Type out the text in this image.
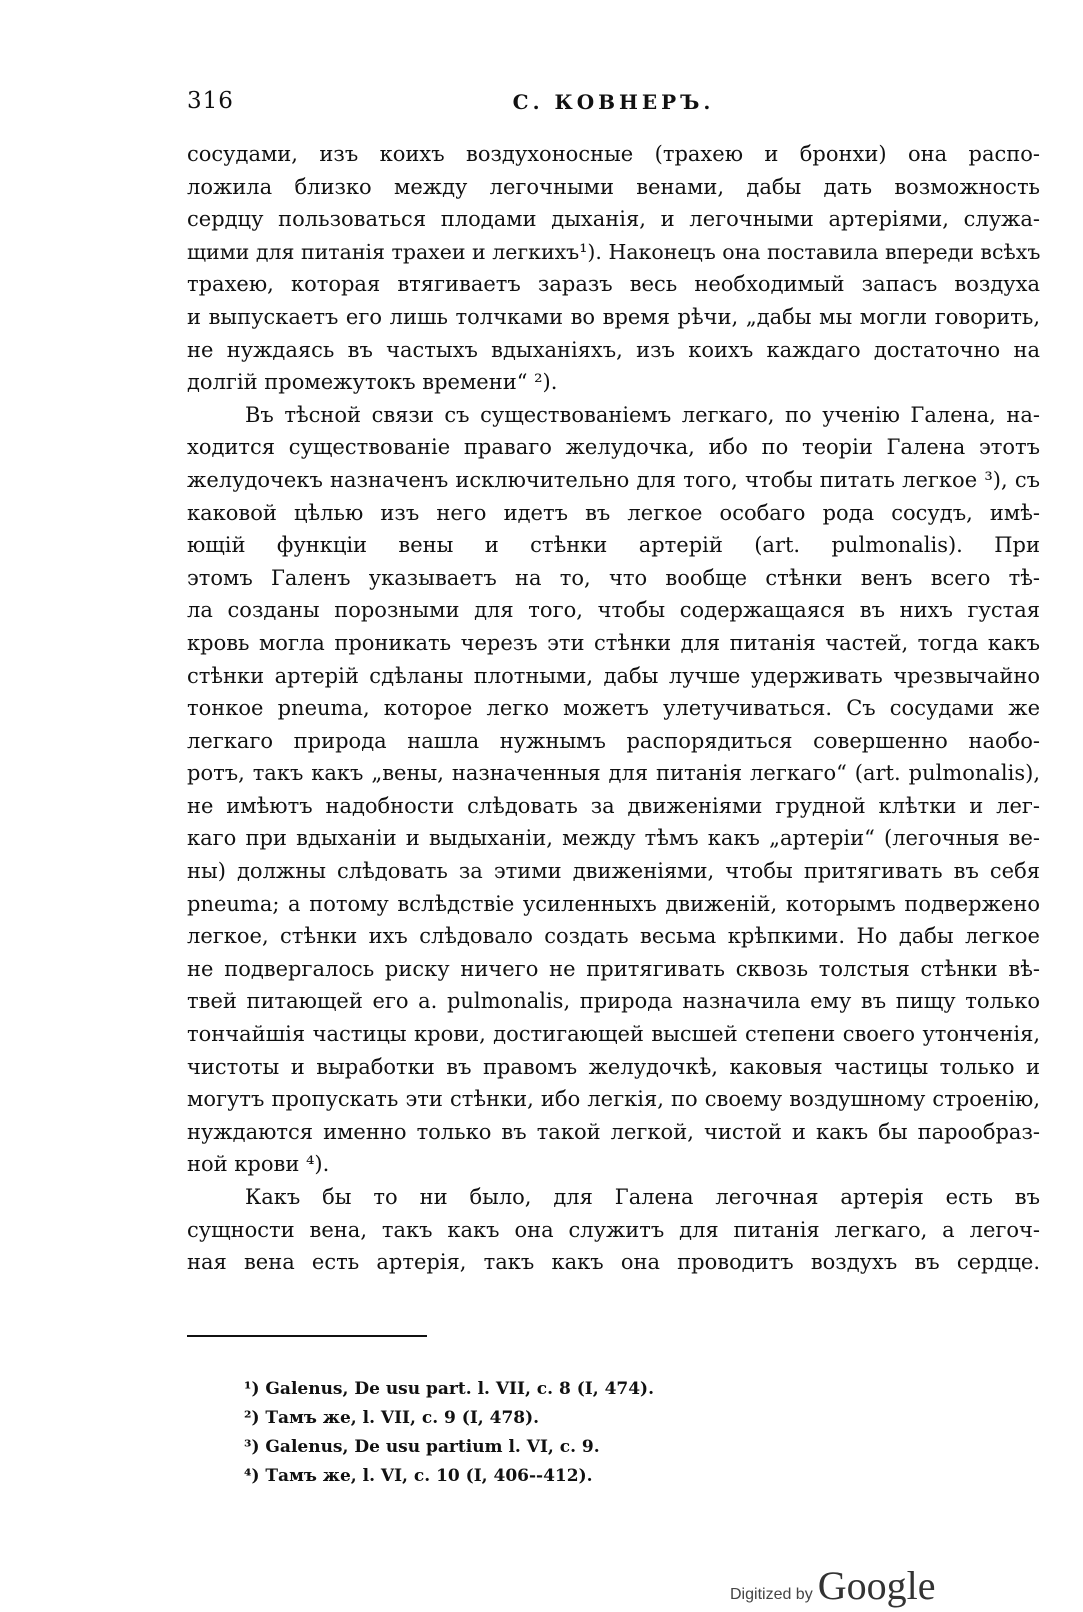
316	С. КОВНЕРЪ.
сосудами, изъ коихъ воздухоносные (трахею и бронхи) она распо-
ложила близко между легочными венами, дабы дать возможность
сердцу пользоваться плодами дыханія, и легочными артеріями, служа-
щими для питанія трахеи и легкихъ¹). Наконецъ она поставила впереди всѣхъ
трахею, которая втягиваетъ заразъ весь необходимый запасъ воздуха
и выпускаетъ его лишь толчками во время рѣчи, „дабы мы могли говорить,
не нуждаясь въ частыхъ вдыханіяхъ, изъ коихъ каждаго достаточно на
долгій промежутокъ времени“ ²).
Въ тѣсной связи съ существованіемъ легкаго, по ученію Галена, на-
ходится существованіе праваго желудочка, ибо по теоріи Галена этотъ
желудочекъ назначенъ исключительно для того, чтобы питать легкое ³), съ
каковой цѣлью изъ него идетъ въ легкое особаго рода сосудъ, имѣ-
ющій функціи вены и стѣнки артерій (art. pulmonalis). При
этомъ Галенъ указываетъ на то, что вообще стѣнки венъ всего тѣ-
ла созданы порозными для того, чтобы содержащаяся въ нихъ густая
кровь могла проникать черезъ эти стѣнки для питанія частей, тогда какъ
стѣнки артерій сдѣланы плотными, дабы лучше удерживать чрезвычайно
тонкое pneuma, которое легко можетъ улетучиваться. Съ сосудами же
легкаго природа нашла нужнымъ распорядиться совершенно наобо-
ротъ, такъ какъ „вены, назначенныя для питанія легкаго“ (art. pulmonalis),
не имѣютъ надобности слѣдовать за движеніями грудной клѣтки и лег-
каго при вдыханіи и выдыханіи, между тѣмъ какъ „артеріи“ (легочныя ве-
ны) должны слѣдовать за этими движеніями, чтобы притягивать въ себя
pneuma; а потому вслѣдствіе усиленныхъ движеній, которымъ подвержено
легкое, стѣнки ихъ слѣдовало создать весьма крѣпкими. Но дабы легкое
не подвергалось риску ничего не притягивать сквозь толстыя стѣнки вѣ-
твей питающей его a. pulmonalis, природа назначила ему въ пищу только
тончайшія частицы крови, достигающей высшей степени своего утонченія,
чистоты и выработки въ правомъ желудочкѣ, каковыя частицы только и
могутъ пропускать эти стѣнки, ибо легкія, по своему воздушному строенію,
нуждаются именно только въ такой легкой, чистой и какъ бы парообраз-
ной крови ⁴).
Какъ бы то ни было, для Галена легочная артерія есть въ
сущности вена, такъ какъ она служитъ для питанія легкаго, а легоч-
ная вена есть артерія, такъ какъ она проводитъ воздухъ въ сердце.
¹) Galenus, De usu part. l. VII, c. 8 (I, 474).
²) Тамъ же, l. VII, c. 9 (I, 478).
³) Galenus, De usu partium l. VI, c. 9.
⁴) Тамъ же, l. VI, c. 10 (I, 406--412).
Digitized by Google
